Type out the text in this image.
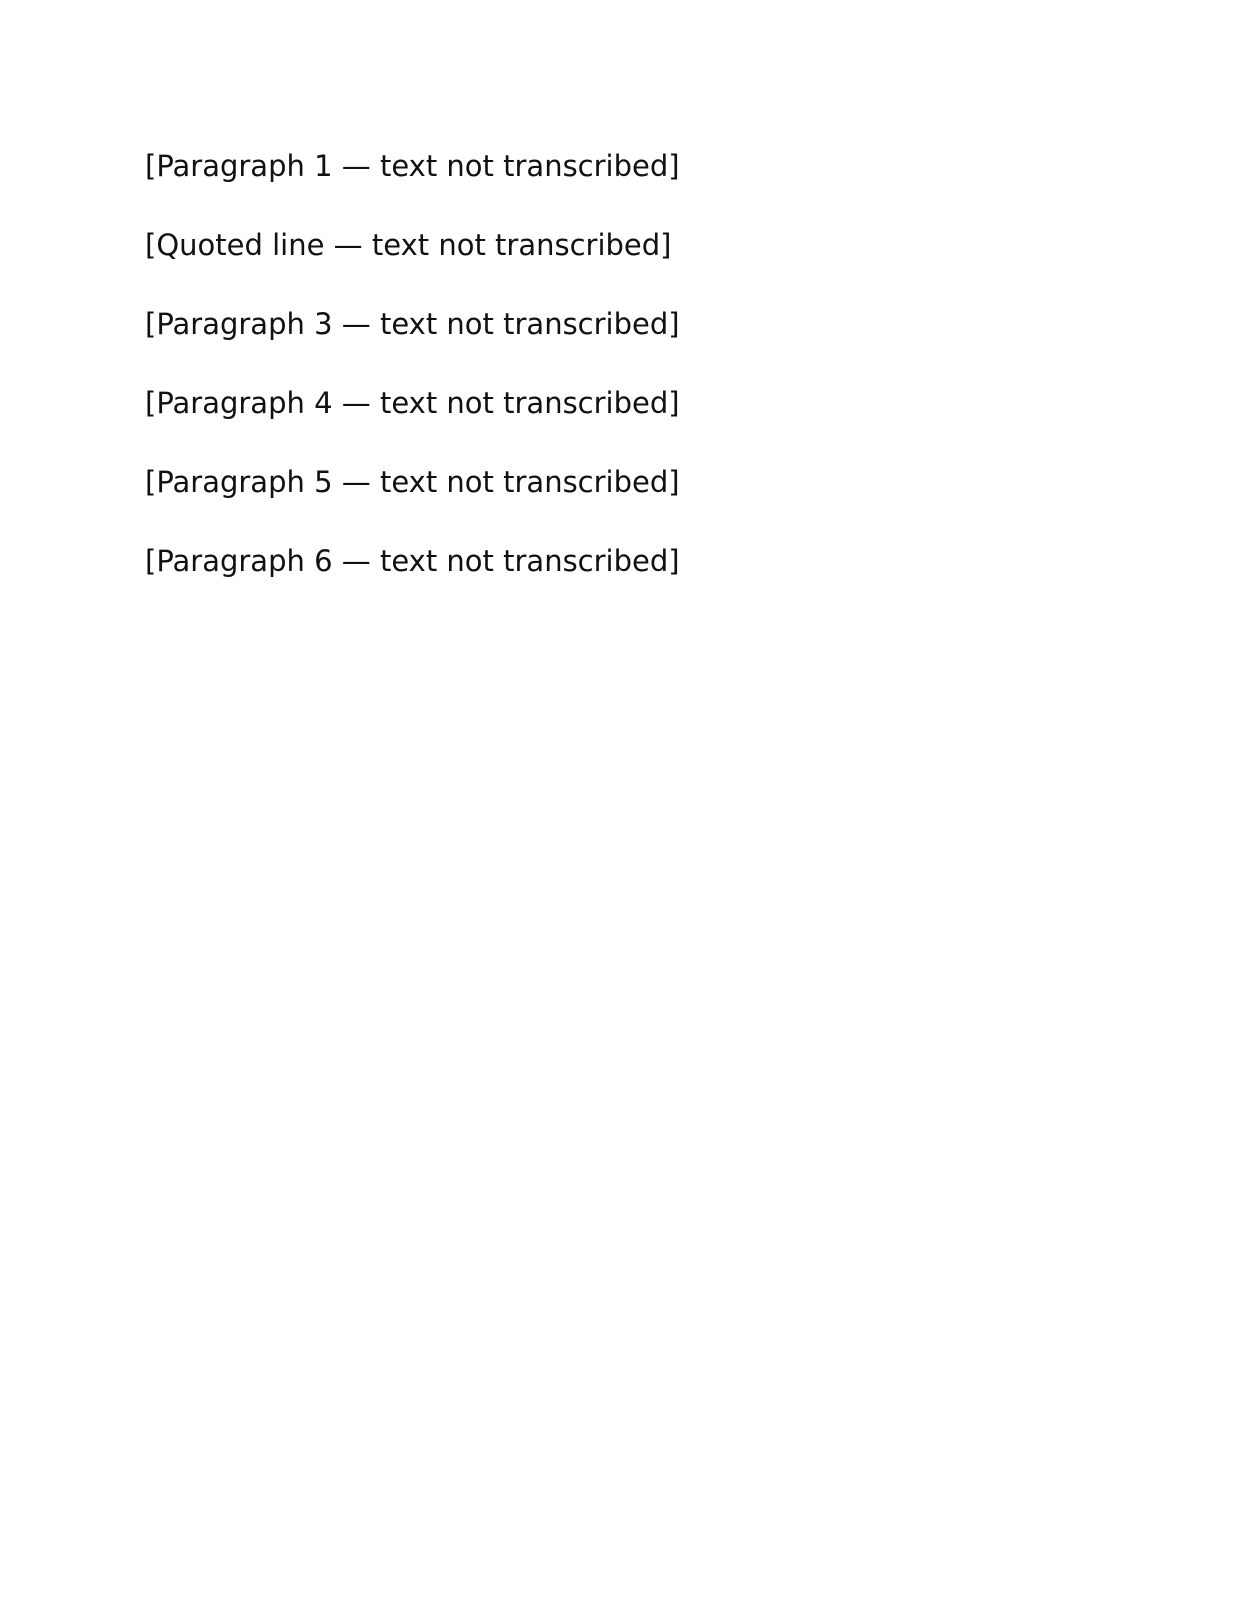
[Paragraph 1 — text not transcribed]

[Quoted line — text not transcribed]

[Paragraph 3 — text not transcribed]

[Paragraph 4 — text not transcribed]

[Paragraph 5 — text not transcribed]

[Paragraph 6 — text not transcribed]
